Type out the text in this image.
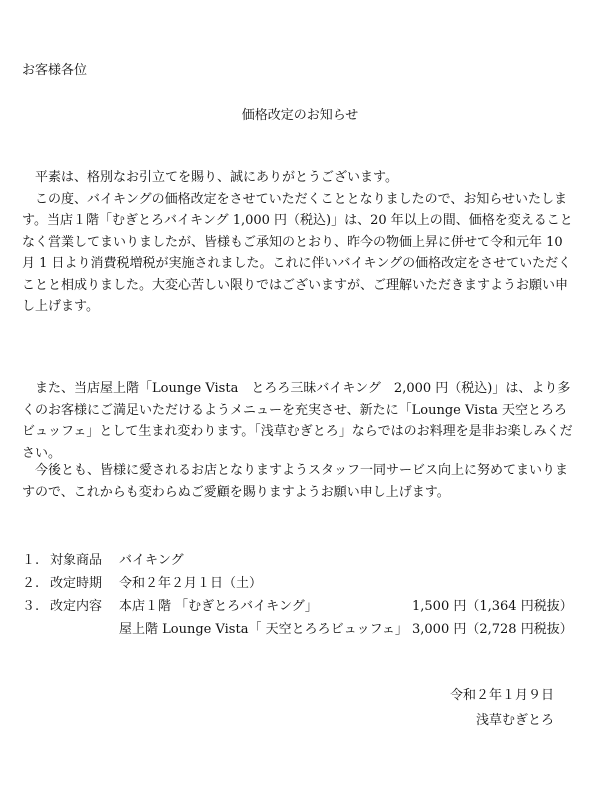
お客様各位
価格改定のお知らせ
　平素は、格別なお引立てを賜り、誠にありがとうございます。
　この度、バイキングの価格改定をさせていただくこととなりましたので、お知らせいたします。当店１階「むぎとろバイキング 1,000 円（税込)」は、20 年以上の間、価格を変えることなく営業してまいりましたが、皆様もご承知のとおり、昨今の物価上昇に併せて令和元年 10 月 1 日より消費税増税が実施されました。これに伴いバイキングの価格改定をさせていただくことと相成りました。大変心苦しい限りではございますが、ご理解いただきますようお願い申し上げます。
　また、当店屋上階「Lounge Vista　とろろ三昧バイキング　2,000 円（税込)」は、より多くのお客様にご満足いただけるようメニューを充実させ、新たに「Lounge Vista 天空とろろビュッフェ」として生まれ変わります。「浅草むぎとろ」ならではのお料理を是非お楽しみください。
　今後とも、皆様に愛されるお店となりますようスタッフ一同サービス向上に努めてまいりますので、これからも変わらぬご愛顧を賜りますようお願い申し上げます。
１. 対象商品 バイキング
２. 改定時期 令和２年２月１日（土）
３. 改定内容 本店１階 「むぎとろバイキング」	1,500 円（1,364 円税抜）
屋上階 Lounge Vista「 天空とろろビュッフェ」 3,000 円（2,728 円税抜）
令和２年１月９日
浅草むぎとろ
